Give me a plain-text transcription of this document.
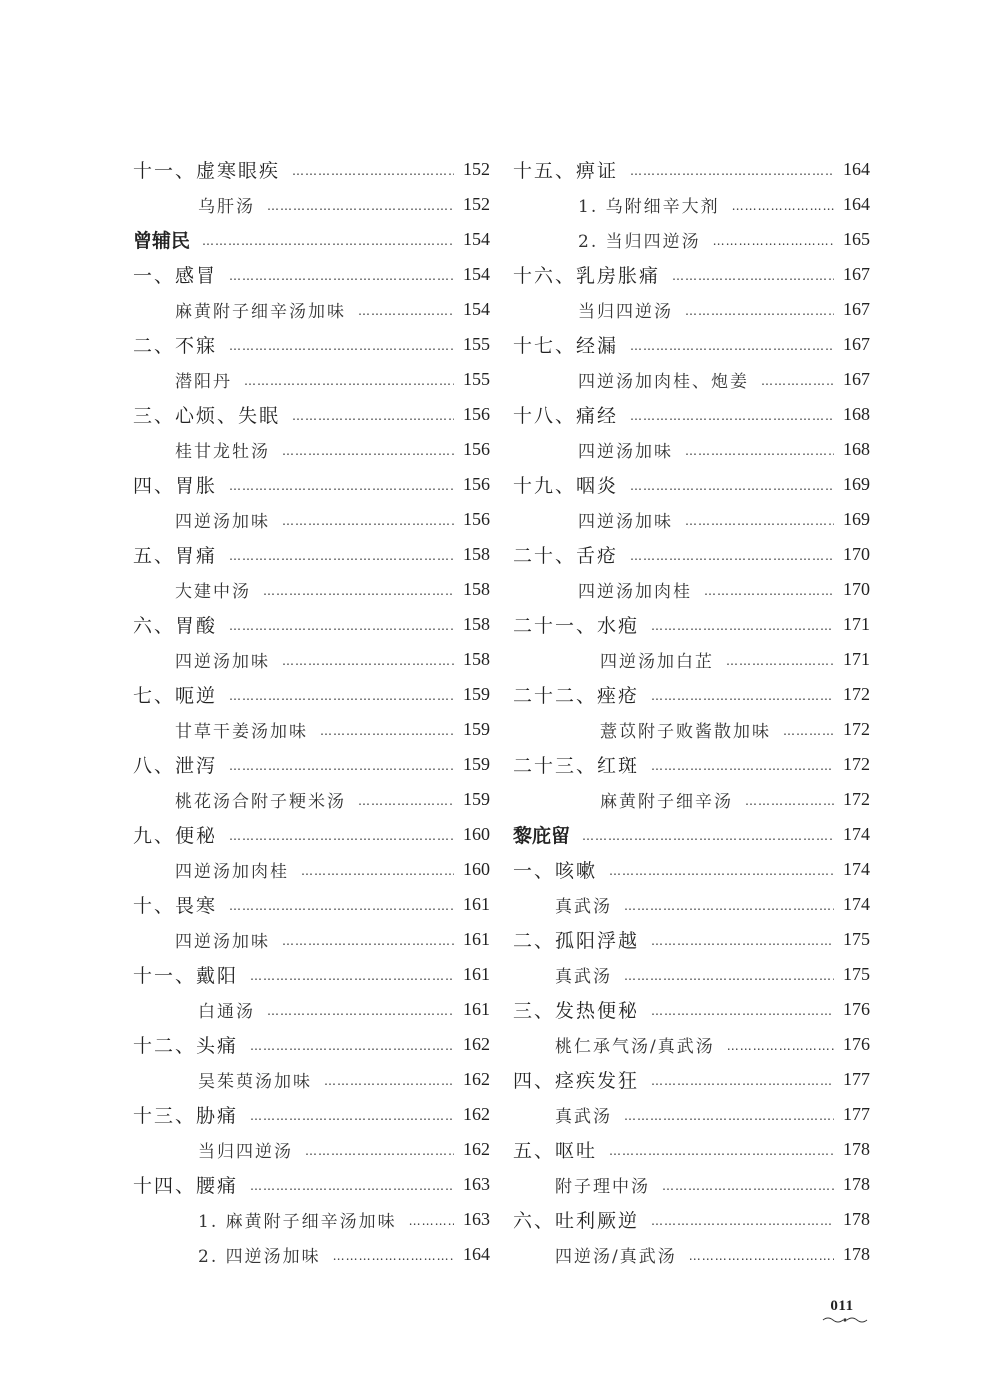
十一、虚寒眼疾 …………………………………………………………………………………………………………………………………………	152
乌肝汤 …………………………………………………………………………………………………………………………………………	152
曾辅民 …………………………………………………………………………………………………………………………………………	154
一、感冒 …………………………………………………………………………………………………………………………………………	154
麻黄附子细辛汤加味 …………………………………………………………………………………………………………………………………………	154
二、不寐 …………………………………………………………………………………………………………………………………………	155
潜阳丹 …………………………………………………………………………………………………………………………………………	155
三、心烦、失眠 …………………………………………………………………………………………………………………………………………	156
桂甘龙牡汤 …………………………………………………………………………………………………………………………………………	156
四、胃胀 …………………………………………………………………………………………………………………………………………	156
四逆汤加味 …………………………………………………………………………………………………………………………………………	156
五、胃痛 …………………………………………………………………………………………………………………………………………	158
大建中汤 …………………………………………………………………………………………………………………………………………	158
六、胃酸 …………………………………………………………………………………………………………………………………………	158
四逆汤加味 …………………………………………………………………………………………………………………………………………	158
七、呃逆 …………………………………………………………………………………………………………………………………………	159
甘草干姜汤加味 …………………………………………………………………………………………………………………………………………	159
八、泄泻 …………………………………………………………………………………………………………………………………………	159
桃花汤合附子粳米汤 …………………………………………………………………………………………………………………………………………	159
九、便秘 …………………………………………………………………………………………………………………………………………	160
四逆汤加肉桂 …………………………………………………………………………………………………………………………………………	160
十、畏寒 …………………………………………………………………………………………………………………………………………	161
四逆汤加味 …………………………………………………………………………………………………………………………………………	161
十一、戴阳 …………………………………………………………………………………………………………………………………………	161
白通汤 …………………………………………………………………………………………………………………………………………	161
十二、头痛 …………………………………………………………………………………………………………………………………………	162
吴茱萸汤加味 …………………………………………………………………………………………………………………………………………	162
十三、胁痛 …………………………………………………………………………………………………………………………………………	162
当归四逆汤 …………………………………………………………………………………………………………………………………………	162
十四、腰痛 …………………………………………………………………………………………………………………………………………	163
1. 麻黄附子细辛汤加味 …………………………………………………………………………………………………………………………………………	163
2. 四逆汤加味 …………………………………………………………………………………………………………………………………………	164
十五、痹证 …………………………………………………………………………………………………………………………………………	164
1. 乌附细辛大剂 …………………………………………………………………………………………………………………………………………	164
2. 当归四逆汤 …………………………………………………………………………………………………………………………………………	165
十六、乳房胀痛 …………………………………………………………………………………………………………………………………………	167
当归四逆汤 …………………………………………………………………………………………………………………………………………	167
十七、经漏 …………………………………………………………………………………………………………………………………………	167
四逆汤加肉桂、炮姜 …………………………………………………………………………………………………………………………………………	167
十八、痛经 …………………………………………………………………………………………………………………………………………	168
四逆汤加味 …………………………………………………………………………………………………………………………………………	168
十九、咽炎 …………………………………………………………………………………………………………………………………………	169
四逆汤加味 …………………………………………………………………………………………………………………………………………	169
二十、舌疮 …………………………………………………………………………………………………………………………………………	170
四逆汤加肉桂 …………………………………………………………………………………………………………………………………………	170
二十一、水疱 …………………………………………………………………………………………………………………………………………	171
四逆汤加白芷 …………………………………………………………………………………………………………………………………………	171
二十二、痤疮 …………………………………………………………………………………………………………………………………………	172
薏苡附子败酱散加味 …………………………………………………………………………………………………………………………………………	172
二十三、红斑 …………………………………………………………………………………………………………………………………………	172
麻黄附子细辛汤 …………………………………………………………………………………………………………………………………………	172
黎庇留 …………………………………………………………………………………………………………………………………………	174
一、咳嗽 …………………………………………………………………………………………………………………………………………	174
真武汤 …………………………………………………………………………………………………………………………………………	174
二、孤阳浮越 …………………………………………………………………………………………………………………………………………	175
真武汤 …………………………………………………………………………………………………………………………………………	175
三、发热便秘 …………………………………………………………………………………………………………………………………………	176
桃仁承气汤/真武汤 …………………………………………………………………………………………………………………………………………	176
四、痉疾发狂 …………………………………………………………………………………………………………………………………………	177
真武汤 …………………………………………………………………………………………………………………………………………	177
五、呕吐 …………………………………………………………………………………………………………………………………………	178
附子理中汤 …………………………………………………………………………………………………………………………………………	178
六、吐利厥逆 …………………………………………………………………………………………………………………………………………	178
四逆汤/真武汤 …………………………………………………………………………………………………………………………………………	178
011
